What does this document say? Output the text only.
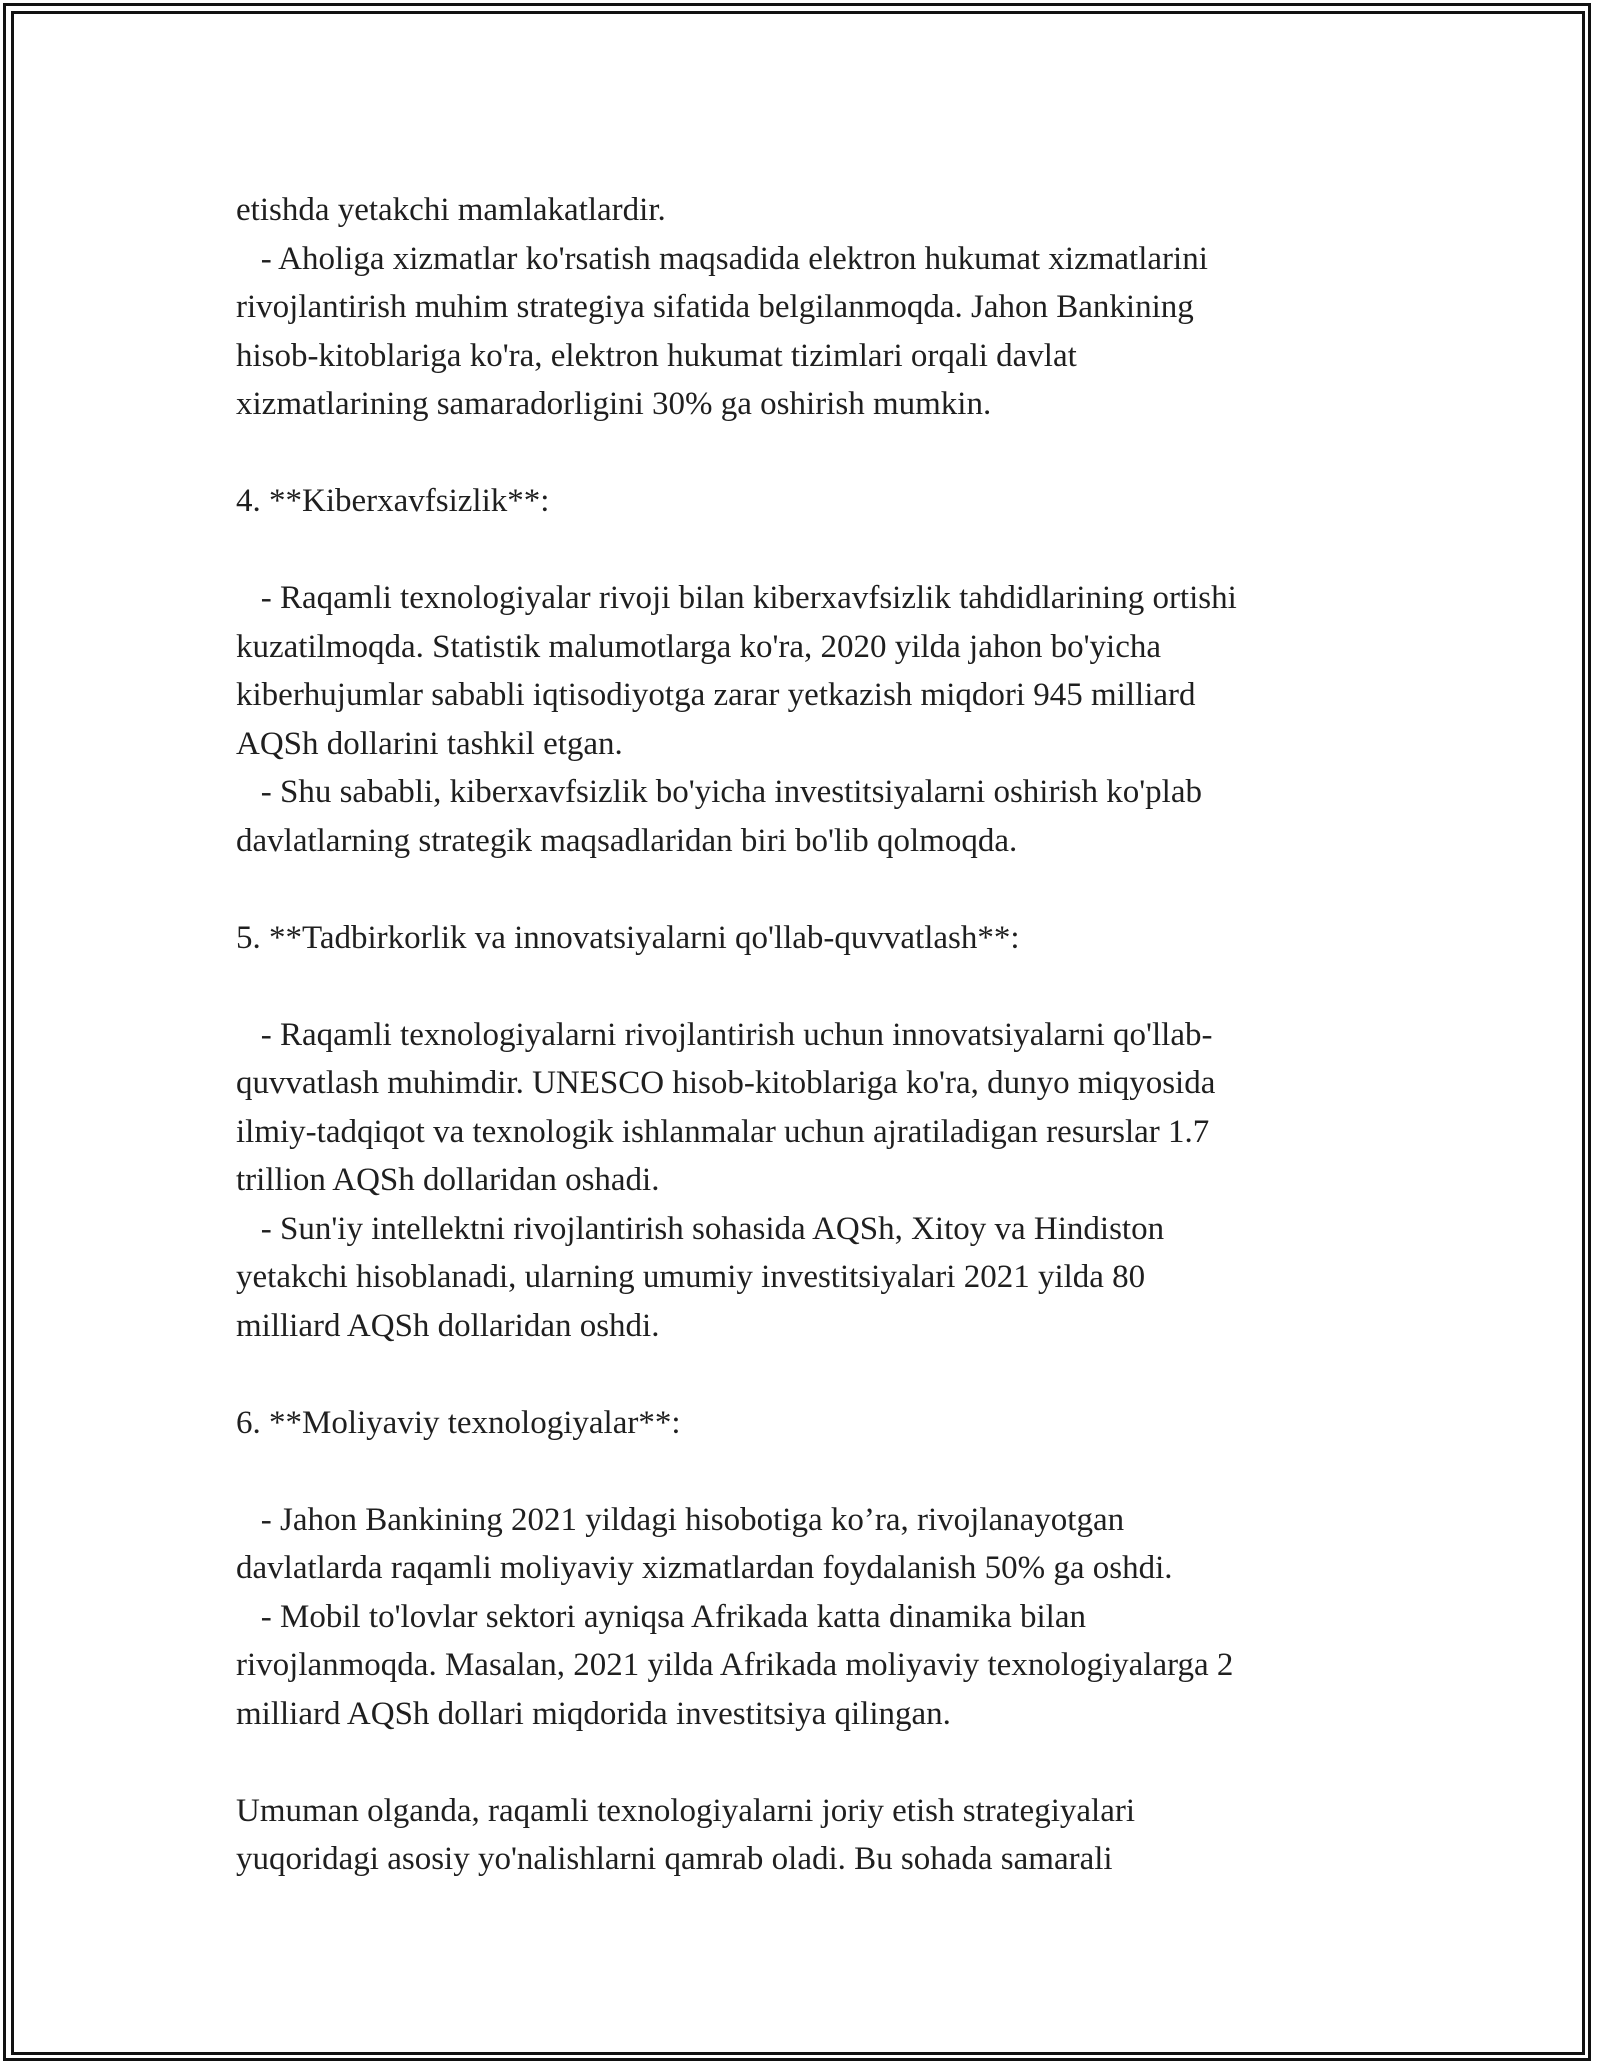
etishda yetakchi mamlakatlardir.
- Aholiga xizmatlar ko'rsatish maqsadida elektron hukumat xizmatlarini
rivojlantirish muhim strategiya sifatida belgilanmoqda. Jahon Bankining
hisob-kitoblariga ko'ra, elektron hukumat tizimlari orqali davlat
xizmatlarining samaradorligini 30% ga oshirish mumkin.
4. **Kiberxavfsizlik**:
- Raqamli texnologiyalar rivoji bilan kiberxavfsizlik tahdidlarining ortishi
kuzatilmoqda. Statistik malumotlarga ko'ra, 2020 yilda jahon bo'yicha
kiberhujumlar sababli iqtisodiyotga zarar yetkazish miqdori 945 milliard
AQSh dollarini tashkil etgan.
- Shu sababli, kiberxavfsizlik bo'yicha investitsiyalarni oshirish ko'plab
davlatlarning strategik maqsadlaridan biri bo'lib qolmoqda.
5. **Tadbirkorlik va innovatsiyalarni qo'llab-quvvatlash**:
- Raqamli texnologiyalarni rivojlantirish uchun innovatsiyalarni qo'llab-
quvvatlash muhimdir. UNESCO hisob-kitoblariga ko'ra, dunyo miqyosida
ilmiy-tadqiqot va texnologik ishlanmalar uchun ajratiladigan resurslar 1.7
trillion AQSh dollaridan oshadi.
- Sun'iy intellektni rivojlantirish sohasida AQSh, Xitoy va Hindiston
yetakchi hisoblanadi, ularning umumiy investitsiyalari 2021 yilda 80
milliard AQSh dollaridan oshdi.
6. **Moliyaviy texnologiyalar**:
- Jahon Bankining 2021 yildagi hisobotiga ko’ra, rivojlanayotgan
davlatlarda raqamli moliyaviy xizmatlardan foydalanish 50% ga oshdi.
- Mobil to'lovlar sektori ayniqsa Afrikada katta dinamika bilan
rivojlanmoqda. Masalan, 2021 yilda Afrikada moliyaviy texnologiyalarga 2
milliard AQSh dollari miqdorida investitsiya qilingan.
Umuman olganda, raqamli texnologiyalarni joriy etish strategiyalari
yuqoridagi asosiy yo'nalishlarni qamrab oladi. Bu sohada samarali
